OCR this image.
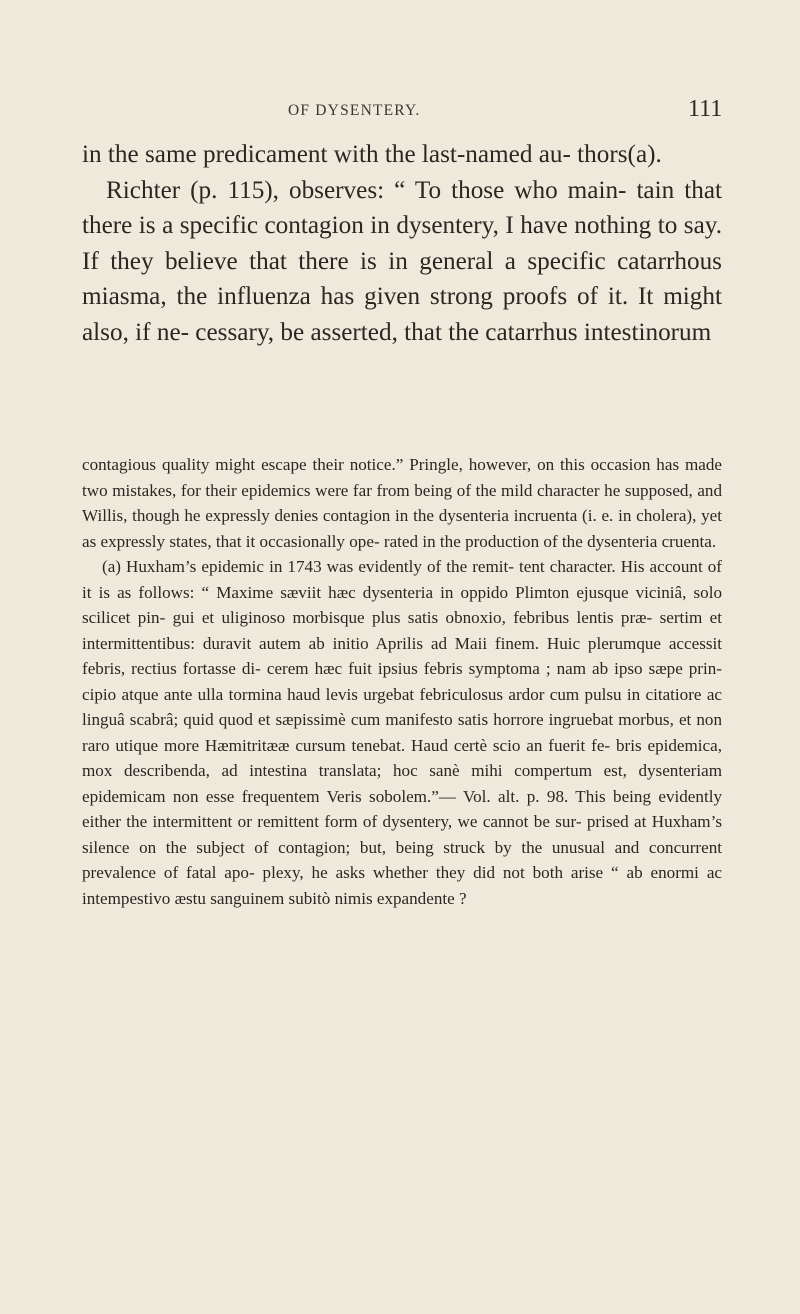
OF DYSENTERY.	111

in the same predicament with the last-named au- thors(a).

Richter (p. 115), observes: “ To those who main- tain that there is a specific contagion in dysentery, I have nothing to say. If they believe that there is in general a specific catarrhous miasma, the influenza has given strong proofs of it. It might also, if ne- cessary, be asserted, that the catarrhus intestinorum

contagious quality might escape their notice.” Pringle, however, on this occasion has made two mistakes, for their epidemics were far from being of the mild character he supposed, and Willis, though he expressly denies contagion in the dysenteria incruenta (i. e. in cholera), yet as expressly states, that it occasionally ope- rated in the production of the dysenteria cruenta.

(a) Huxham’s epidemic in 1743 was evidently of the remit- tent character. His account of it is as follows: “ Maxime sæviit hæc dysenteria in oppido Plimton ejusque viciniâ, solo scilicet pin- gui et uliginoso morbisque plus satis obnoxio, febribus lentis præ- sertim et intermittentibus: duravit autem ab initio Aprilis ad Maii finem. Huic plerumque accessit febris, rectius fortasse di- cerem hæc fuit ipsius febris symptoma ; nam ab ipso sæpe prin- cipio atque ante ulla tormina haud levis urgebat febriculosus ardor cum pulsu in citatiore ac linguâ scabrâ; quid quod et sæpissimè cum manifesto satis horrore ingruebat morbus, et non raro utique more Hæmitritææ cursum tenebat. Haud certè scio an fuerit fe- bris epidemica, mox describenda, ad intestina translata; hoc sanè mihi compertum est, dysenteriam epidemicam non esse frequentem Veris sobolem.”— Vol. alt. p. 98. This being evidently either the intermittent or remittent form of dysentery, we cannot be sur- prised at Huxham’s silence on the subject of contagion; but, being struck by the unusual and concurrent prevalence of fatal apo- plexy, he asks whether they did not both arise “ ab enormi ac intempestivo æstu sanguinem subitò nimis expandente ?
